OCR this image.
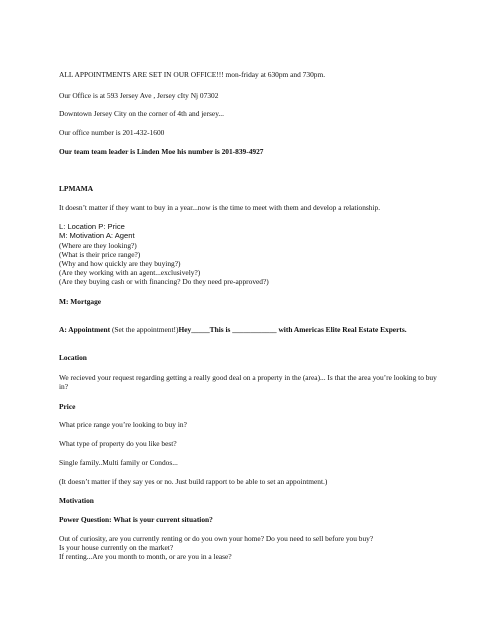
ALL APPOINTMENTS ARE SET IN OUR OFFICE!!! mon-friday at 630pm and 730pm.
Our Office is at 593 Jersey Ave , Jersey cIty Nj 07302
Downtown Jersey City on the corner of 4th and jersey...
Our office number is 201-432-1600
Our team team leader is Linden Moe his number is 201-839-4927
LPMAMA
It doesn’t matter if they want to buy in a year...now is the time to meet with them and develop a relationship.
L: Location P: Price
M: Motivation A: Agent
(Where are they looking?)
(What is their price range?)
(Why and how quickly are they buying?)
(Are they working with an agent...exclusively?)
(Are they buying cash or with financing? Do they need pre-approved?)
M: Mortgage
A: Appointment (Set the appointment!)Hey_____This is ____________ with Americas Elite Real Estate Experts.
Location
We recieved your request regarding getting a really good deal on a property in the (area)... Is that the area you’re looking to buy in?
Price
What price range you’re looking to buy in?
What type of property do you like best?
Single family..Multi family or Condos...
(It doesn’t matter if they say yes or no. Just build rapport to be able to set an appointment.)
Motivation
Power Question: What is your current situation?
Out of curiosity, are you currently renting or do you own your home? Do you need to sell before you buy?
Is your house currently on the market?
If renting...Are you month to month, or are you in a lease?
